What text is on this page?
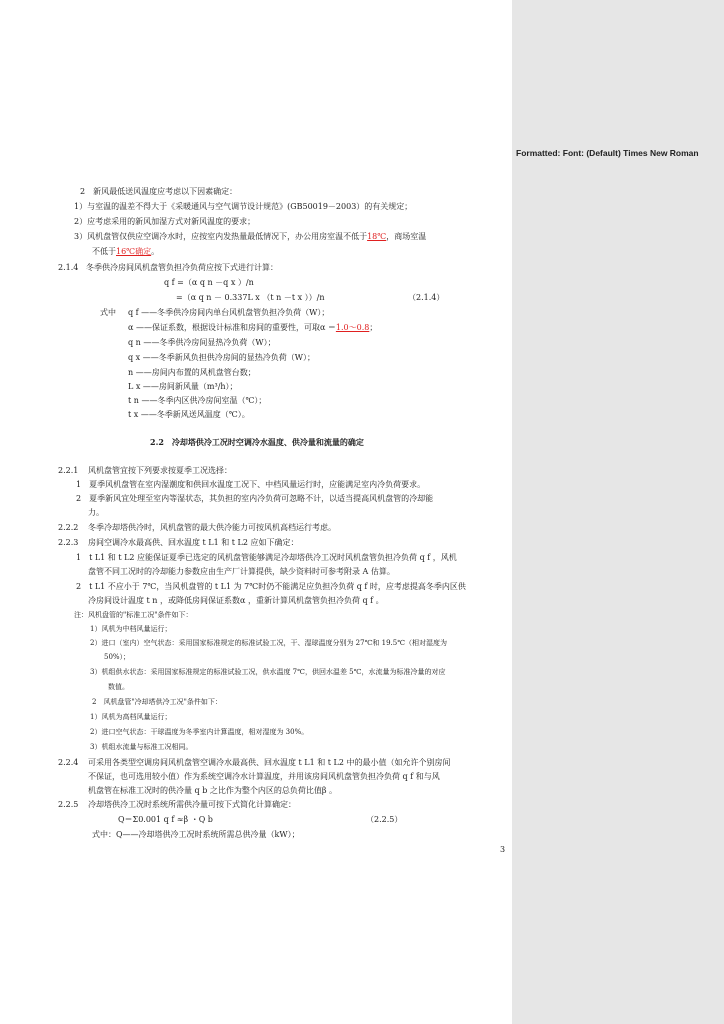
2　新风最低送风温度应考虑以下因素确定：
1）与室温的温差不得大于《采暖通风与空气调节设计规范》(GB50019－2003）的有关规定；
2）应考虑采用的新风加湿方式对新风温度的要求；
3）风机盘管仅供应空调冷水时，应按室内发热量最低情况下，办公用房室温不低于18℃，商场室温
不低于16℃确定。
2.1.4 冬季供冷房间风机盘管负担冷负荷应按下式进行计算：
q f =（α q n －q x ）/n
=（α q n － 0.337L x （t n －t x ））/n	（2.1.4）
式中 q f ——冬季供冷房间内单台风机盘管负担冷负荷（W）；
α ——保证系数，根据设计标准和房间的重要性，可取α ＝1.0～0.8；
q n ——冬季供冷房间显热冷负荷（W）；
q x ——冬季新风负担供冷房间的显热冷负荷（W）；
n ——房间内布置的风机盘管台数；
L x ——房间新风量（m³/h）；
t n ——冬季内区供冷房间室温（℃）；
t x ——冬季新风送风温度（℃）。
2.2　冷却塔供冷工况时空调冷水温度、供冷量和流量的确定
2.2.1 风机盘管宜按下列要求按夏季工况选择：
1　夏季风机盘管在室内湿潮度和供回水温度工况下、中档风量运行时，应能满足室内冷负荷要求。
2　夏季新风宜处理至室内等湿状态，其负担的室内冷负荷可忽略不计，以适当提高风机盘管的冷却能
力。
2.2.2 冬季冷却塔供冷时，风机盘管的最大供冷能力可按风机高档运行考虑。
2.2.3 房间空调冷水最高供、回水温度 t L1 和 t L2 应如下确定：
1　t L1 和 t L2 应能保证夏季已选定的风机盘管能够满足冷却塔供冷工况时风机盘管负担冷负荷 q f ，风机
盘管不同工况时的冷却能力参数应由生产厂计算提供，缺少资料时可参考附录 A 估算。
2　t L1 不应小于 7℃，当风机盘管的 t L1 为 7℃时仍不能满足应负担冷负荷 q f 时，应考虑提高冬季内区供
冷房间设计温度 t n ，或降低房间保证系数α ，重新计算风机盘管负担冷负荷 q f 。
注：风机盘管的"标准工况"条件如下：
1）风机为中档风量运行；
2）进口（室内）空气状态：采用国家标准规定的标准试验工况，干、湿球温度分别为 27℃和 19.5℃（相对湿度为
50%）；
3）机组供水状态：采用国家标准规定的标准试验工况，供水温度 7℃，供回水温差 5℃，水流量为标准冷量的对应
数值。
2　风机盘管"冷却塔供冷工况"条件如下：
1）风机为高档风量运行；
2）进口空气状态：干球温度为冬季室内计算温度，相对湿度为 30%。
3）机组水流量与标准工况相同。
2.2.4 可采用各类型空调房间风机盘管空调冷水最高供、回水温度 t L1 和 t L2 中的最小值（如允许个别房间
不保证，也可选用较小值）作为系统空调冷水计算温度，并用该房间风机盘管负担冷负荷 q f 和与风
机盘管在标准工况时的供冷量 q b 之比作为整个内区的总负荷比值β 。
2.2.5 冷却塔供冷工况时系统所需供冷量可按下式简化计算确定：
Q＝Σ0.001 q f ≈β ・Q b	（2.2.5）
式中：Q——冷却塔供冷工况时系统所需总供冷量（kW）；
3
Formatted: Font: (Default) Times New Roman
